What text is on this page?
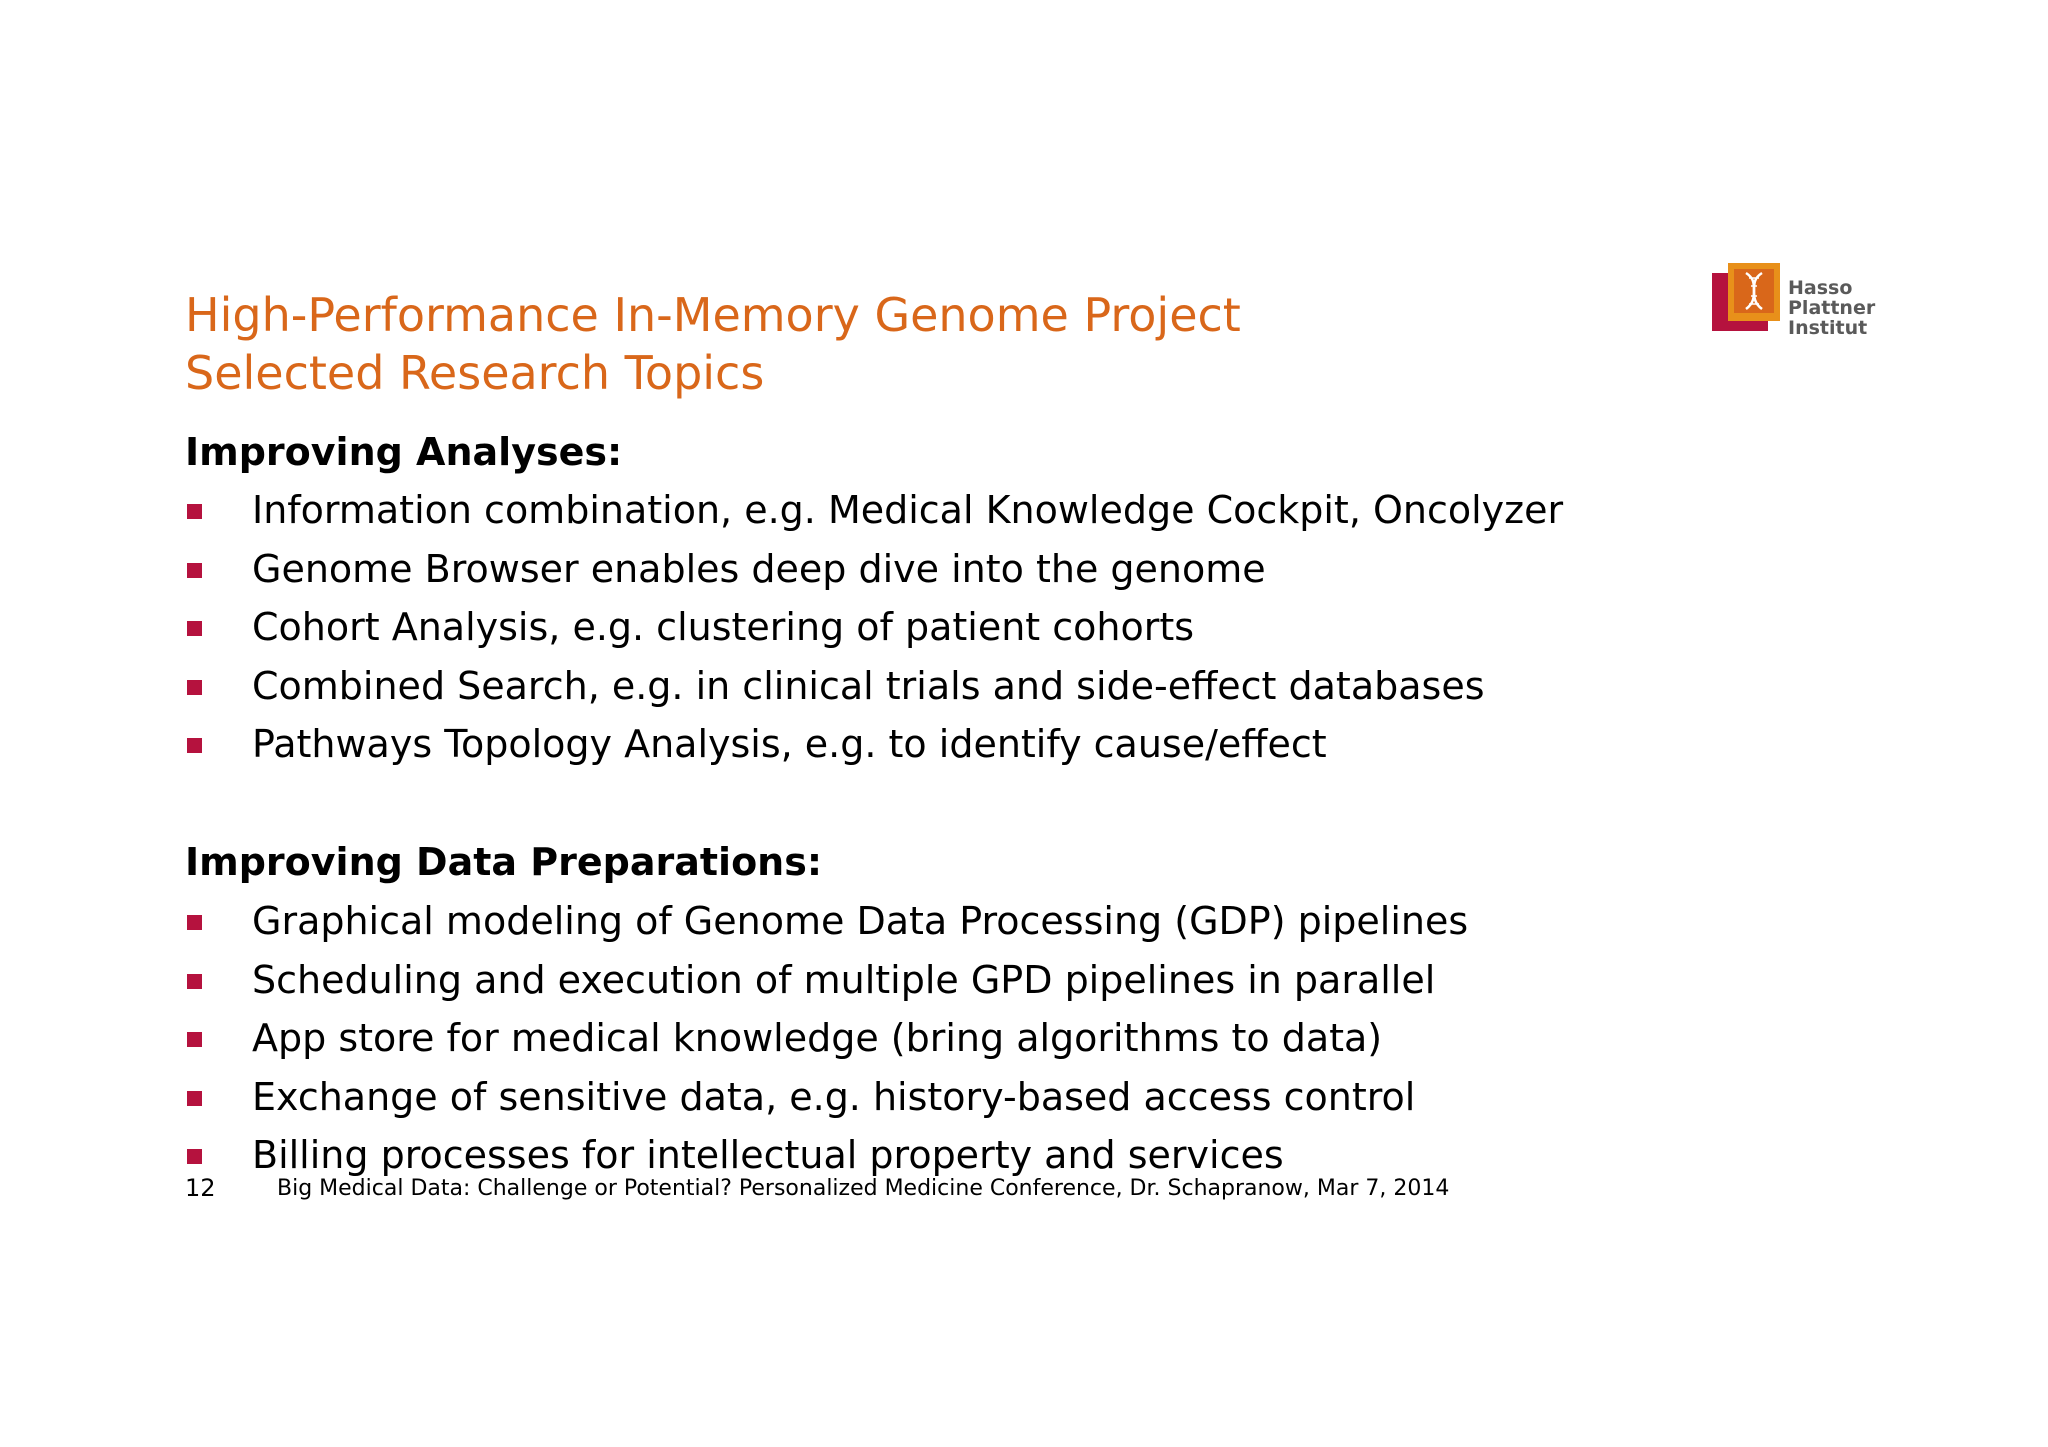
High-Performance In-Memory Genome Project
Selected Research Topics
Hasso
Plattner
Institut
Improving Analyses:
Information combination, e.g. Medical Knowledge Cockpit, Oncolyzer
Genome Browser enables deep dive into the genome
Cohort Analysis, e.g. clustering of patient cohorts
Combined Search, e.g. in clinical trials and side-effect databases
Pathways Topology Analysis, e.g. to identify cause/effect
Improving Data Preparations:
Graphical modeling of Genome Data Processing (GDP) pipelines
Scheduling and execution of multiple GPD pipelines in parallel
App store for medical knowledge (bring algorithms to data)
Exchange of sensitive data, e.g. history-based access control
Billing processes for intellectual property and services
12	Big Medical Data: Challenge or Potential? Personalized Medicine Conference, Dr. Schapranow, Mar 7, 2014
